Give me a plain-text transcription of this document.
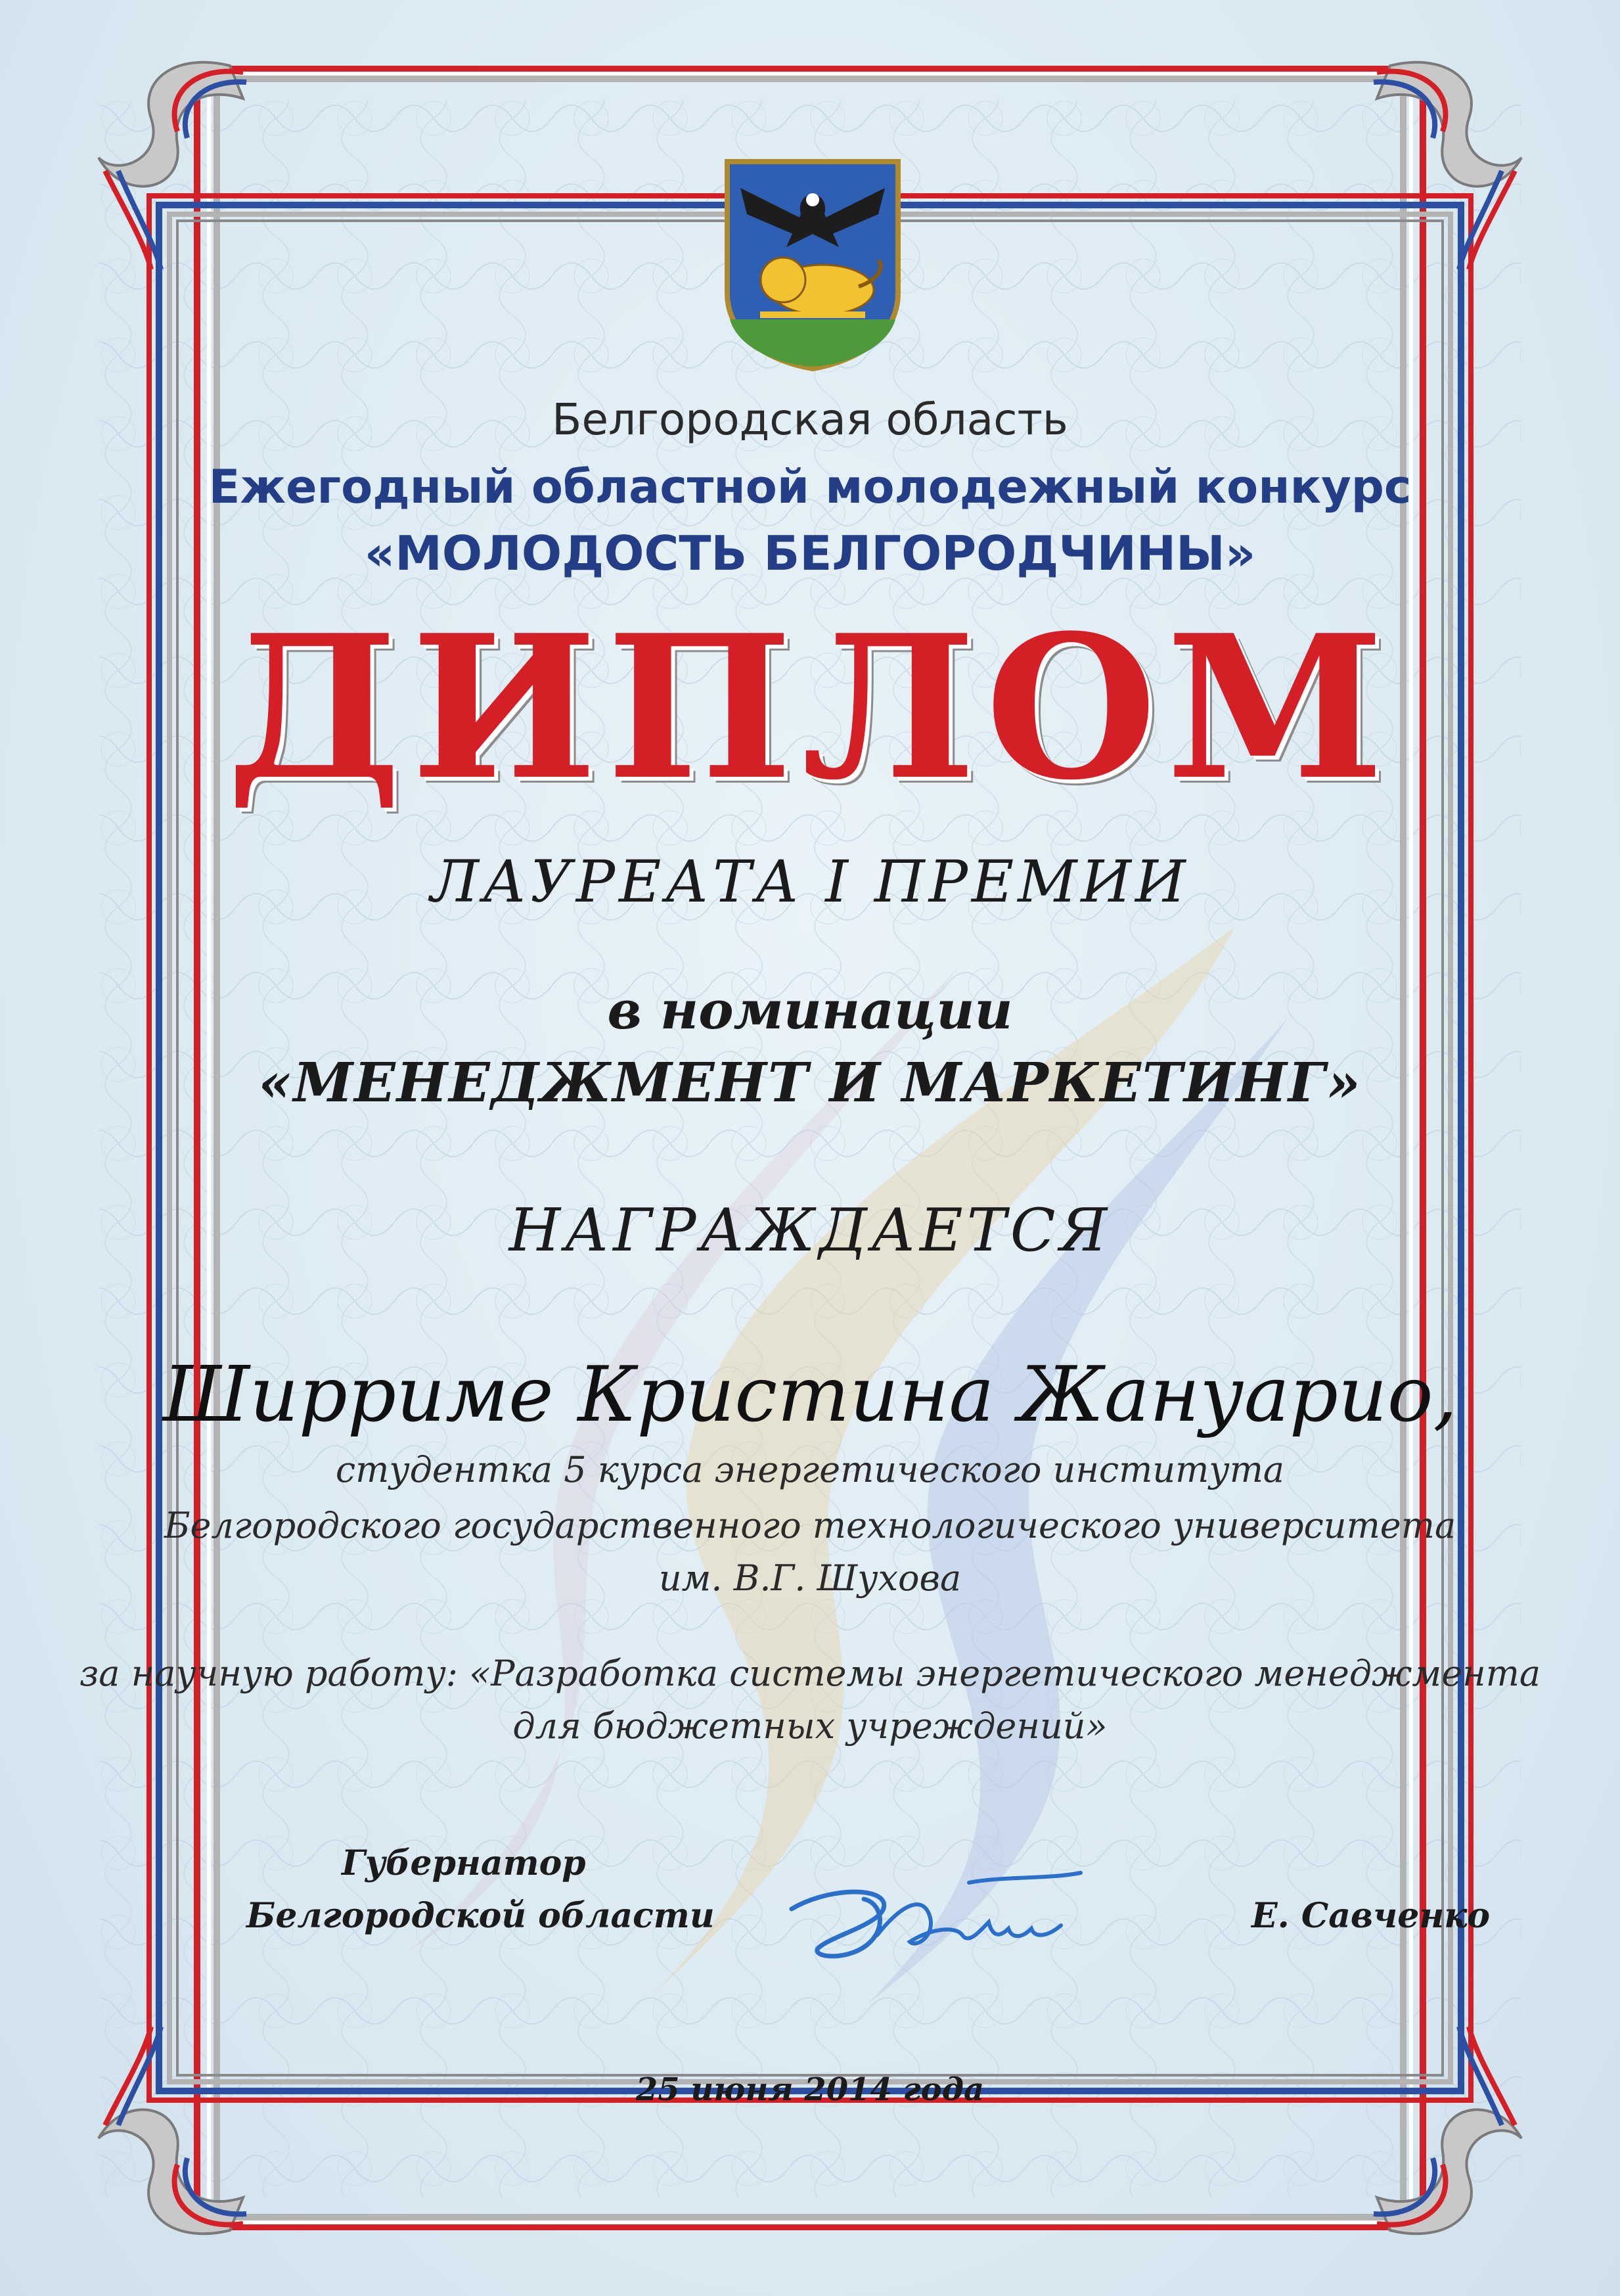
Белгородская область

Ежегодный областной молодежный конкурс

«МОЛОДОСТЬ БЕЛГОРОДЧИНЫ»

ДИПЛОМ

ЛАУРЕАТА I ПРЕМИИ

в номинации

«МЕНЕДЖМЕНТ И МАРКЕТИНГ»

НАГРАЖДАЕТСЯ

Ширриме Кристина Жануарио,

студентка 5 курса энергетического института

Белгородского государственного технологического университета

им. В.Г. Шухова

за научную работу: «Разработка системы энергетического менеджмента

для бюджетных учреждений»

Губернатор

Белгородской области	Е. Савченко

25 июня 2014 года
